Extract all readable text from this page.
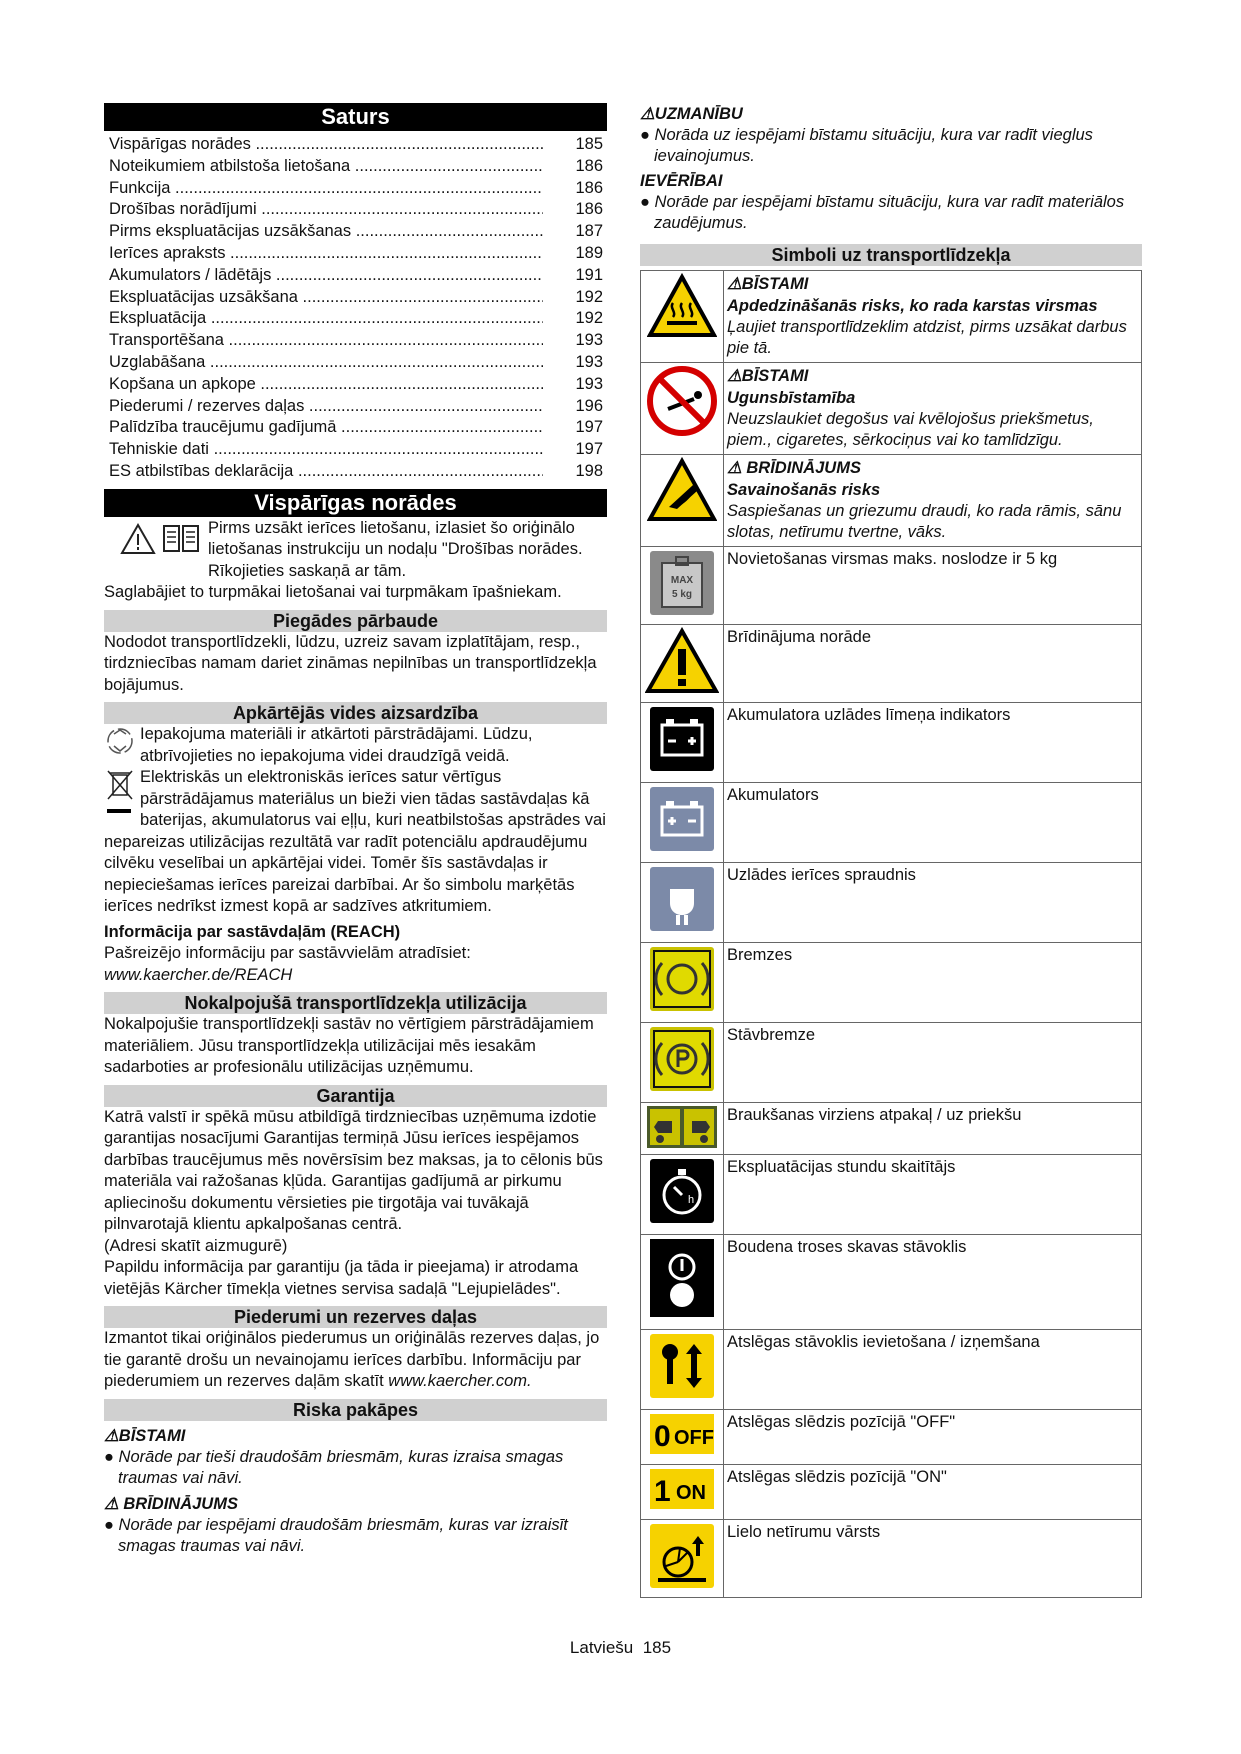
Saturs
Vispārīgas norādes .....	185
Noteikumiem atbilstoša lietošana .....	186
Funkcija .....	186
Drošības norādījumi .....	186
Pirms ekspluatācijas uzsākšanas .....	187
Ierīces apraksts .....	189
Akumulators / lādētājs .....	191
Ekspluatācijas uzsākšana .....	192
Ekspluatācija .....	192
Transportēšana .....	193
Uzglabāšana .....	193
Kopšana un apkope .....	193
Piederumi / rezerves daļas .....	196
Palīdzība traucējumu gadījumā .....	197
Tehniskie dati .....	197
ES atbilstības deklarācija .....	198
Vispārīgas norādes
Pirms uzsākt ierīces lietošanu, izlasiet šo oriģinālo lietošanas instrukciju un nodaļu "Drošības norādes. Rīkojieties saskaņā ar tām.
Saglabājiet to turpmākai lietošanai vai turpmākam īpašniekam.
Piegādes pārbaude
Nododot transportlīdzekli, lūdzu, uzreiz savam izplatītājam, resp., tirdzniecības namam dariet zināmas nepilnības un transportlīdzekļa bojājumus.
Apkārtējās vides aizsardzība
Iepakojuma materiāli ir atkārtoti pārstrādājami. Lūdzu, atbrīvojieties no iepakojuma videi draudzīgā veidā.
Elektriskās un elektroniskās ierīces satur vērtīgus pārstrādājamus materiālus un bieži vien tādas sastāvdaļas kā baterijas, akumulatorus vai eļļu, kuri neatbilstošas apstrādes vai nepareizas utilizācijas rezultātā var radīt potenciālu apdraudējumu cilvēku veselībai un apkārtējai videi. Tomēr šīs sastāvdaļas ir nepieciešamas ierīces pareizai darbībai. Ar šo simbolu marķētās ierīces nedrīkst izmest kopā ar sadzīves atkritumiem.
Informācija par sastāvdaļām (REACH)
Pašreizējo informāciju par sastāvvielām atradīsiet: www.kaercher.de/REACH
Nokalpojušā transportlīdzekļa utilizācija
Nokalpojušie transportlīdzekļi sastāv no vērtīgiem pārstrādājamiem materiāliem. Jūsu transportlīdzekļa utilizācijai mēs iesakām sadarboties ar profesionālu utilizācijas uzņēmumu.
Garantija
Katrā valstī ir spēkā mūsu atbildīgā tirdzniecības uzņēmuma izdotie garantijas nosacījumi Garantijas termiņā Jūsu ierīces iespējamos darbības traucējumus mēs novērsīsim bez maksas, ja to cēlonis būs materiāla vai ražošanas kļūda. Garantijas gadījumā ar pirkumu apliecinošu dokumentu vērsieties pie tirgotāja vai tuvākajā pilnvarotajā klientu apkalpošanas centrā.
(Adresi skatīt aizmugurē)
Papildu informācija par garantiju (ja tāda ir pieejama) ir atrodama vietējās Kärcher tīmekļa vietnes servisa sadaļā "Lejupielādes".
Piederumi un rezerves daļas
Izmantot tikai oriģinālos piederumus un oriģinālās rezerves daļas, jo tie garantē drošu un nevainojamu ierīces darbību. Informāciju par piederumiem un rezerves daļām skatīt www.kaercher.com.
Riska pakāpes
⚠BĪSTAMI
● Norāde par tieši draudošām briesmām, kuras izraisa smagas traumas vai nāvi.
⚠ BRĪDINĀJUMS
● Norāde par iespējami draudošām briesmām, kuras var izraisīt smagas traumas vai nāvi.
⚠UZMANĪBU
● Norāda uz iespējami bīstamu situāciju, kura var radīt vieglus ievainojumus.
IEVĒRĪBAI
● Norāde par iespējami bīstamu situāciju, kura var radīt materiālos zaudējumus.
Simboli uz transportlīdzekļa

⚠BĪSTAMI
Apdedzināšanās risks, ko rada karstas virsmas
Ļaujiet transportlīdzeklim atdzist, pirms uzsākat darbus pie tā.

⚠BĪSTAMI
Ugunsbīstamība
Neuzslaukiet degošus vai kvēlojošus priekšmetus, piem., cigaretes, sērkociņus vai ko tamlīdzīgu.

⚠ BRĪDINĀJUMS
Savainošanās risks
Saspiešanas un griezumu draudi, ko rada rāmis, sānu slotas, netīrumu tvertne, vāks.

MAX
5 kg	Novietošanas virsmas maks. noslodze ir 5 kg

Brīdinājuma norāde

Akumulatora uzlādes līmeņa indikators

Akumulators

Uzlādes ierīces spraudnis

Bremzes

Stāvbremze

Braukšanas virziens atpakaļ / uz priekšu

h	Ekspluatācijas stundu skaitītājs

Boudena troses skavas stāvoklis

Atslēgas stāvoklis ievietošana / izņemšana

0 OFF	Atslēgas slēdzis pozīcijā "OFF"

1 ON	Atslēgas slēdzis pozīcijā "ON"

Lielo netīrumu vārsts
Latviešu 185
